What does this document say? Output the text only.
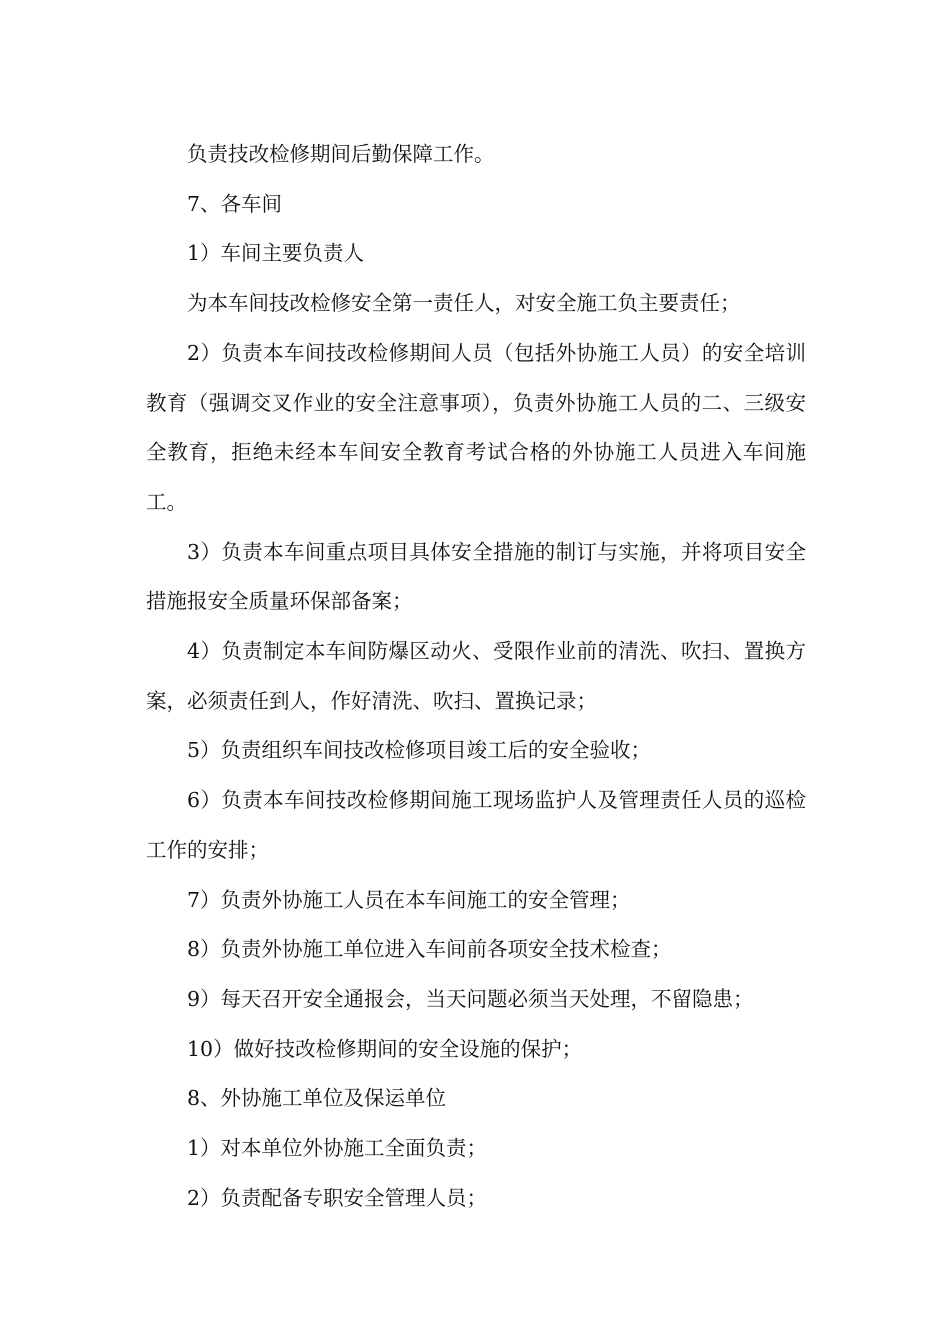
负责技改检修期间后勤保障工作。

7、各车间

1）车间主要负责人

为本车间技改检修安全第一责任人，对安全施工负主要责任；

2）负责本车间技改检修期间人员（包括外协施工人员）的安全培训教育（强调交叉作业的安全注意事项），负责外协施工人员的二、三级安全教育，拒绝未经本车间安全教育考试合格的外协施工人员进入车间施工。

3）负责本车间重点项目具体安全措施的制订与实施，并将项目安全措施报安全质量环保部备案；

4）负责制定本车间防爆区动火、受限作业前的清洗、吹扫、置换方案，必须责任到人，作好清洗、吹扫、置换记录；

5）负责组织车间技改检修项目竣工后的安全验收；

6）负责本车间技改检修期间施工现场监护人及管理责任人员的巡检工作的安排；

7）负责外协施工人员在本车间施工的安全管理；

8）负责外协施工单位进入车间前各项安全技术检查；

9）每天召开安全通报会，当天问题必须当天处理，不留隐患；

10）做好技改检修期间的安全设施的保护；

8、外协施工单位及保运单位

1）对本单位外协施工全面负责；

2）负责配备专职安全管理人员；
